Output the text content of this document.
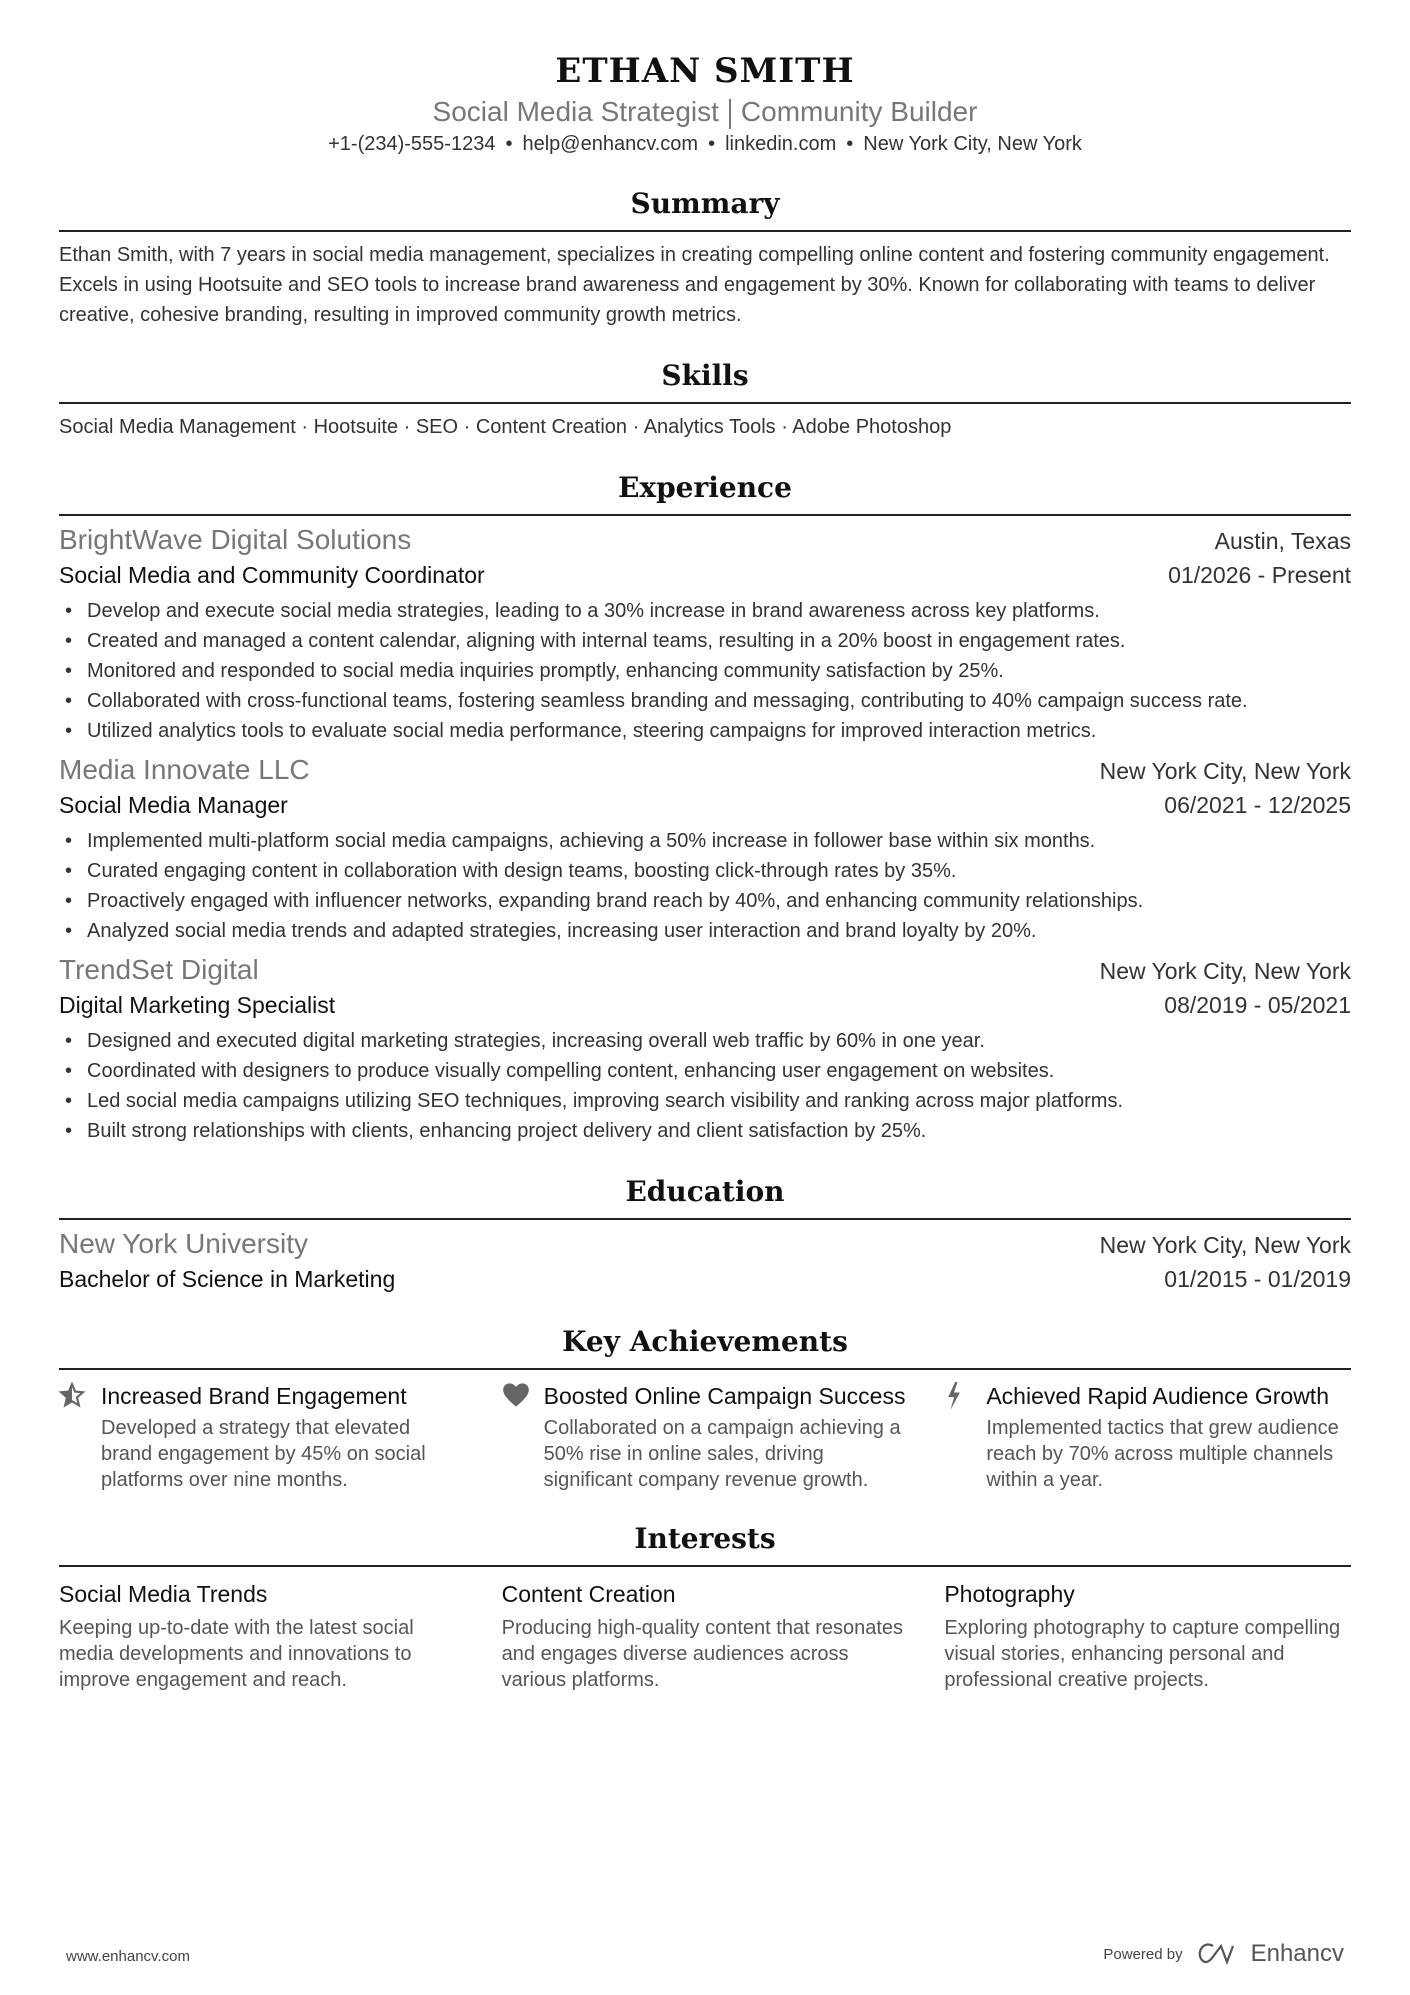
ETHAN SMITH
Social Media Strategist Community Builder
+1-(234)-555-1234 • help@enhancv.com • linkedin.com • New York City, New York
Summary
Ethan Smith, with 7 years in social media management, specializes in creating compelling online content and fostering community engagement. Excels in using Hootsuite and SEO tools to increase brand awareness and engagement by 30%. Known for collaborating with teams to deliver creative, cohesive branding, resulting in improved community growth metrics.
Skills
Social Media Management · Hootsuite · SEO · Content Creation · Analytics Tools · Adobe Photoshop
Experience
BrightWave Digital Solutions	Austin, Texas
Social Media and Community Coordinator	01/2026 - Present
• Develop and execute social media strategies, leading to a 30% increase in brand awareness across key platforms.
• Created and managed a content calendar, aligning with internal teams, resulting in a 20% boost in engagement rates.
• Monitored and responded to social media inquiries promptly, enhancing community satisfaction by 25%.
• Collaborated with cross-functional teams, fostering seamless branding and messaging, contributing to 40% campaign success rate.
• Utilized analytics tools to evaluate social media performance, steering campaigns for improved interaction metrics.
Media Innovate LLC	New York City, New York
Social Media Manager	06/2021 - 12/2025
• Implemented multi-platform social media campaigns, achieving a 50% increase in follower base within six months.
• Curated engaging content in collaboration with design teams, boosting click-through rates by 35%.
• Proactively engaged with influencer networks, expanding brand reach by 40%, and enhancing community relationships.
• Analyzed social media trends and adapted strategies, increasing user interaction and brand loyalty by 20%.
TrendSet Digital	New York City, New York
Digital Marketing Specialist	08/2019 - 05/2021
• Designed and executed digital marketing strategies, increasing overall web traffic by 60% in one year.
• Coordinated with designers to produce visually compelling content, enhancing user engagement on websites.
• Led social media campaigns utilizing SEO techniques, improving search visibility and ranking across major platforms.
• Built strong relationships with clients, enhancing project delivery and client satisfaction by 25%.
Education
New York University	New York City, New York
Bachelor of Science in Marketing	01/2015 - 01/2019
Key Achievements
Increased Brand Engagement
Developed a strategy that elevated brand engagement by 45% on social platforms over nine months.
Boosted Online Campaign Success
Collaborated on a campaign achieving a 50% rise in online sales, driving significant company revenue growth.
Achieved Rapid Audience Growth
Implemented tactics that grew audience reach by 70% across multiple channels within a year.
Interests
Social Media Trends
Keeping up-to-date with the latest social media developments and innovations to improve engagement and reach.
Content Creation
Producing high-quality content that resonates and engages diverse audiences across various platforms.
Photography
Exploring photography to capture compelling visual stories, enhancing personal and professional creative projects.
www.enhancv.com	Powered by	Enhancv
